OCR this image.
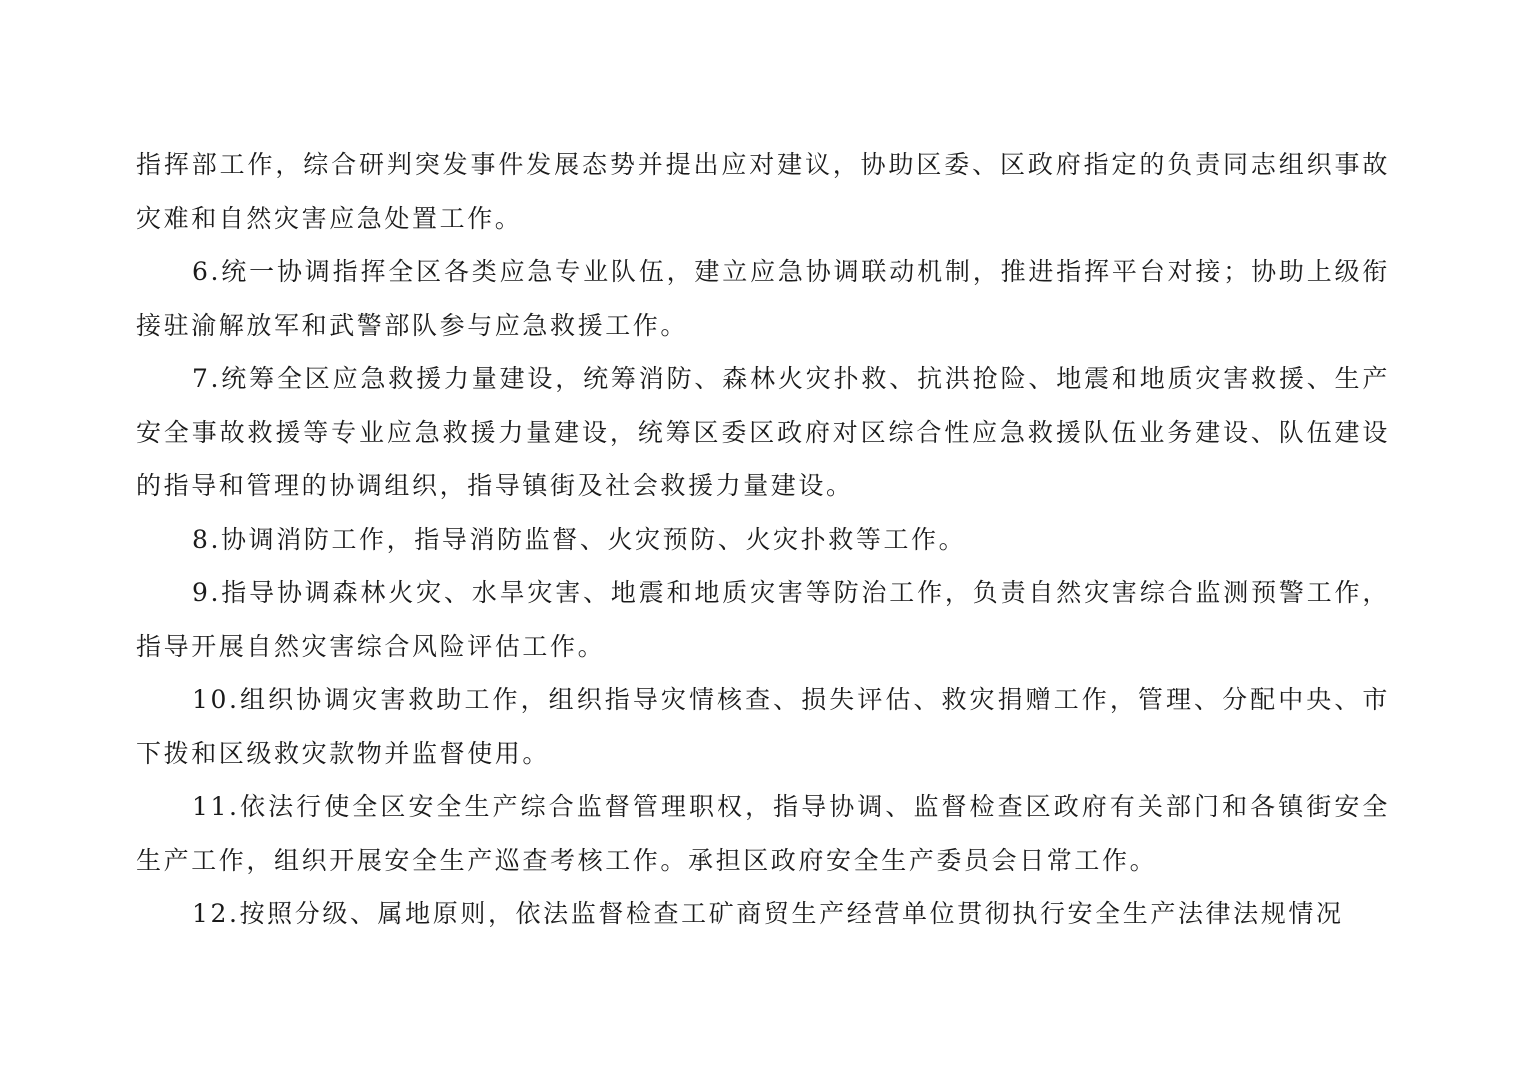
指挥部工作，综合研判突发事件发展态势并提出应对建议，协助区委、区政府指定的负责同志组织事故灾难和自然灾害应急处置工作。

6.统一协调指挥全区各类应急专业队伍，建立应急协调联动机制，推进指挥平台对接；协助上级衔接驻渝解放军和武警部队参与应急救援工作。

7.统筹全区应急救援力量建设，统筹消防、森林火灾扑救、抗洪抢险、地震和地质灾害救援、生产安全事故救援等专业应急救援力量建设，统筹区委区政府对区综合性应急救援队伍业务建设、队伍建设的指导和管理的协调组织，指导镇街及社会救援力量建设。

8.协调消防工作，指导消防监督、火灾预防、火灾扑救等工作。

9.指导协调森林火灾、水旱灾害、地震和地质灾害等防治工作，负责自然灾害综合监测预警工作，指导开展自然灾害综合风险评估工作。

10.组织协调灾害救助工作，组织指导灾情核查、损失评估、救灾捐赠工作，管理、分配中央、市下拨和区级救灾款物并监督使用。

11.依法行使全区安全生产综合监督管理职权，指导协调、监督检查区政府有关部门和各镇街安全生产工作，组织开展安全生产巡查考核工作。承担区政府安全生产委员会日常工作。

12.按照分级、属地原则，依法监督检查工矿商贸生产经营单位贯彻执行安全生产法律法规情况
